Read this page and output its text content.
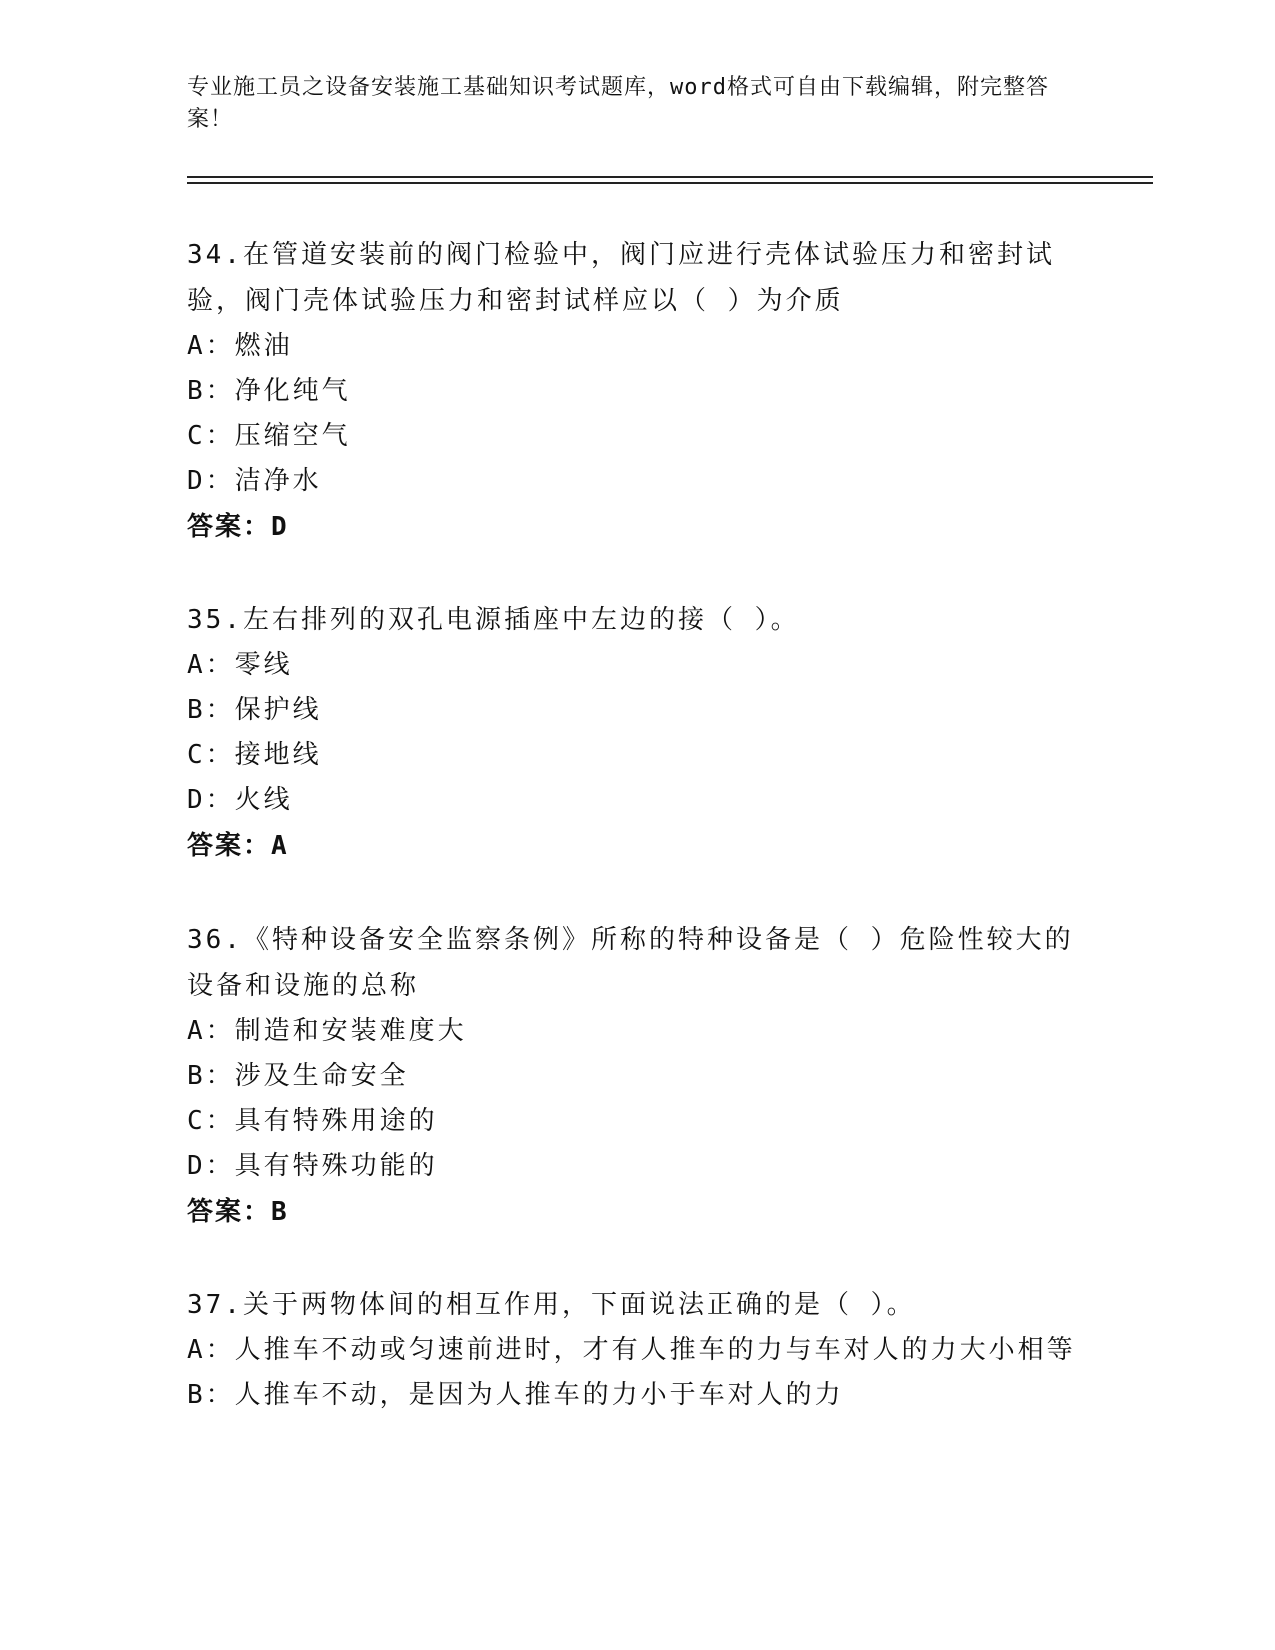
专业施工员之设备安装施工基础知识考试题库，word格式可自由下载编辑，附完整答案！
34.在管道安装前的阀门检验中，阀门应进行壳体试验压力和密封试验，阀门壳体试验压力和密封试样应以（ ）为介质
A：燃油
B：净化纯气
C：压缩空气
D：洁净水
答案：D
35.左右排列的双孔电源插座中左边的接（ ）。
A：零线
B：保护线
C：接地线
D：火线
答案：A
36.《特种设备安全监察条例》所称的特种设备是（ ）危险性较大的设备和设施的总称
A：制造和安装难度大
B：涉及生命安全
C：具有特殊用途的
D：具有特殊功能的
答案：B
37.关于两物体间的相互作用，下面说法正确的是（ ）。
A：人推车不动或匀速前进时，才有人推车的力与车对人的力大小相等
B：人推车不动，是因为人推车的力小于车对人的力
